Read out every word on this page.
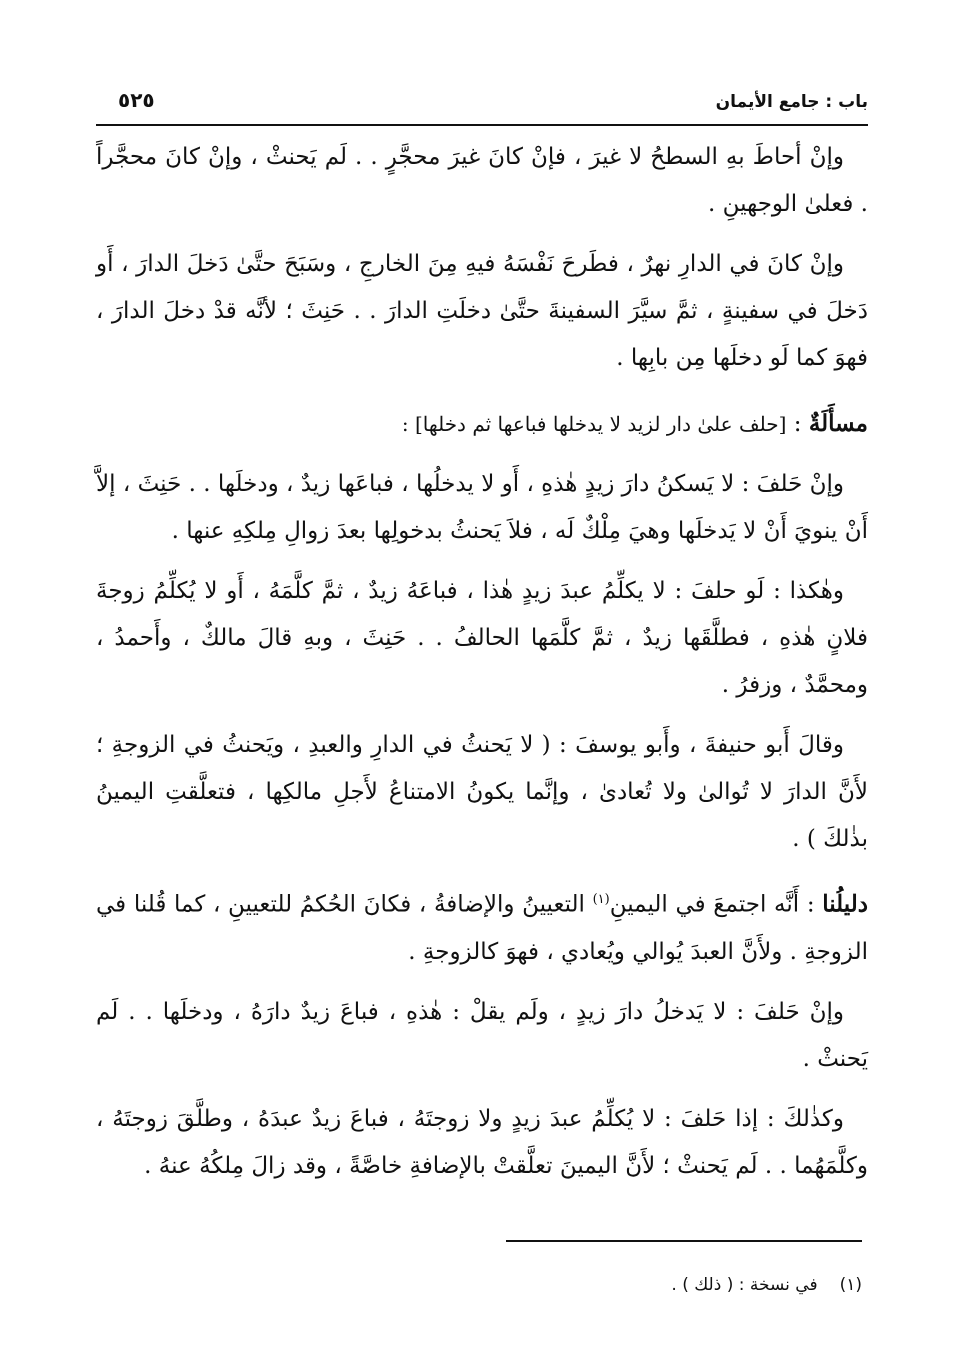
باب : جامع الأيمان
٥٢٥

وإنْ أحاطَ بهِ السطحُ لا غيرَ ، فإنْ كانَ غيرَ محجَّرٍ . . لَم يَحنثْ ، وإنْ كانَ محجَّراً . فعلىٰ الوجهينِ .

وإنْ كانَ في الدارِ نهرٌ ، فطَرحَ نَفْسَهُ فيهِ مِنَ الخارجِ ، وسَبَحَ حتَّىٰ دَخلَ الدارَ ، أَو دَخلَ في سفينةٍ ، ثمَّ سيَّرَ السفينةَ حتَّىٰ دخلَتِ الدارَ . . حَنِثَ ؛ لأنَّه قدْ دخلَ الدارَ ، فهوَ كما لَو دخلَها مِن بابِها .

مسأَلَةٌ : [حلف علىٰ دار لزيد لا يدخلها فباعها ثم دخلها] :

وإنْ حَلفَ : لا يَسكنُ دارَ زيدٍ هٰذهِ ، أَو لا يدخلُها ، فباعَها زيدٌ ، ودخلَها . . حَنِثَ ، إلاَّ أَنْ ينويَ أَنْ لا يَدخلَها وهيَ مِلْكٌ لَه ، فلاَ يَحنثُ بدخولِها بعدَ زوالِ مِلكِهِ عنها .

وهٰكذا : لَو حلفَ : لا يكلِّمُ عبدَ زيدٍ هٰذا ، فباعَهُ زيدٌ ، ثمَّ كلَّمَهُ ، أَو لا يُكلِّمُ زوجةَ فلانٍ هٰذهِ ، فطلَّقَها زيدٌ ، ثمَّ كلَّمَها الحالفُ . . حَنِثَ ، وبهِ قالَ مالكٌ ، وأَحمدُ ، ومحمَّدٌ ، وزفرُ .

وقالَ أَبو حنيفةَ ، وأَبو يوسفَ : ( لا يَحنثُ في الدارِ والعبدِ ، ويَحنثُ في الزوجةِ ؛ لأَنَّ الدارَ لا تُوالىٰ ولا تُعادىٰ ، وإنَّما يكونُ الامتناعُ لأَجلِ مالكِها ، فتعلَّقتِ اليمينُ بذٰلكَ ) .

دليلُنا : أَنَّه اجتمعَ في اليمينِ$^{(١)}$ التعيينُ والإضافةُ ، فكانَ الحُكمُ للتعيينِ ، كما قُلنا في الزوجةِ . ولأَنَّ العبدَ يُوالي ويُعادي ، فهوَ كالزوجةِ .

وإنْ حَلفَ : لا يَدخلُ دارَ زيدٍ ، ولَم يقلْ : هٰذهِ ، فباعَ زيدٌ دارَهُ ، ودخلَها . . لَم يَحنثْ .

وكذٰلكَ : إذا حَلفَ : لا يُكلِّمُ عبدَ زيدٍ ولا زوجتَهُ ، فباعَ زيدٌ عبدَهُ ، وطلَّقَ زوجتَهُ ، وكلَّمَهُما . . لَم يَحنثْ ؛ لأَنَّ اليمينَ تعلَّقتْ بالإضافةِ خاصَّةً ، وقد زالَ مِلكُهُ عنهُ .

(١)في نسخة : ( ذلك ) .
